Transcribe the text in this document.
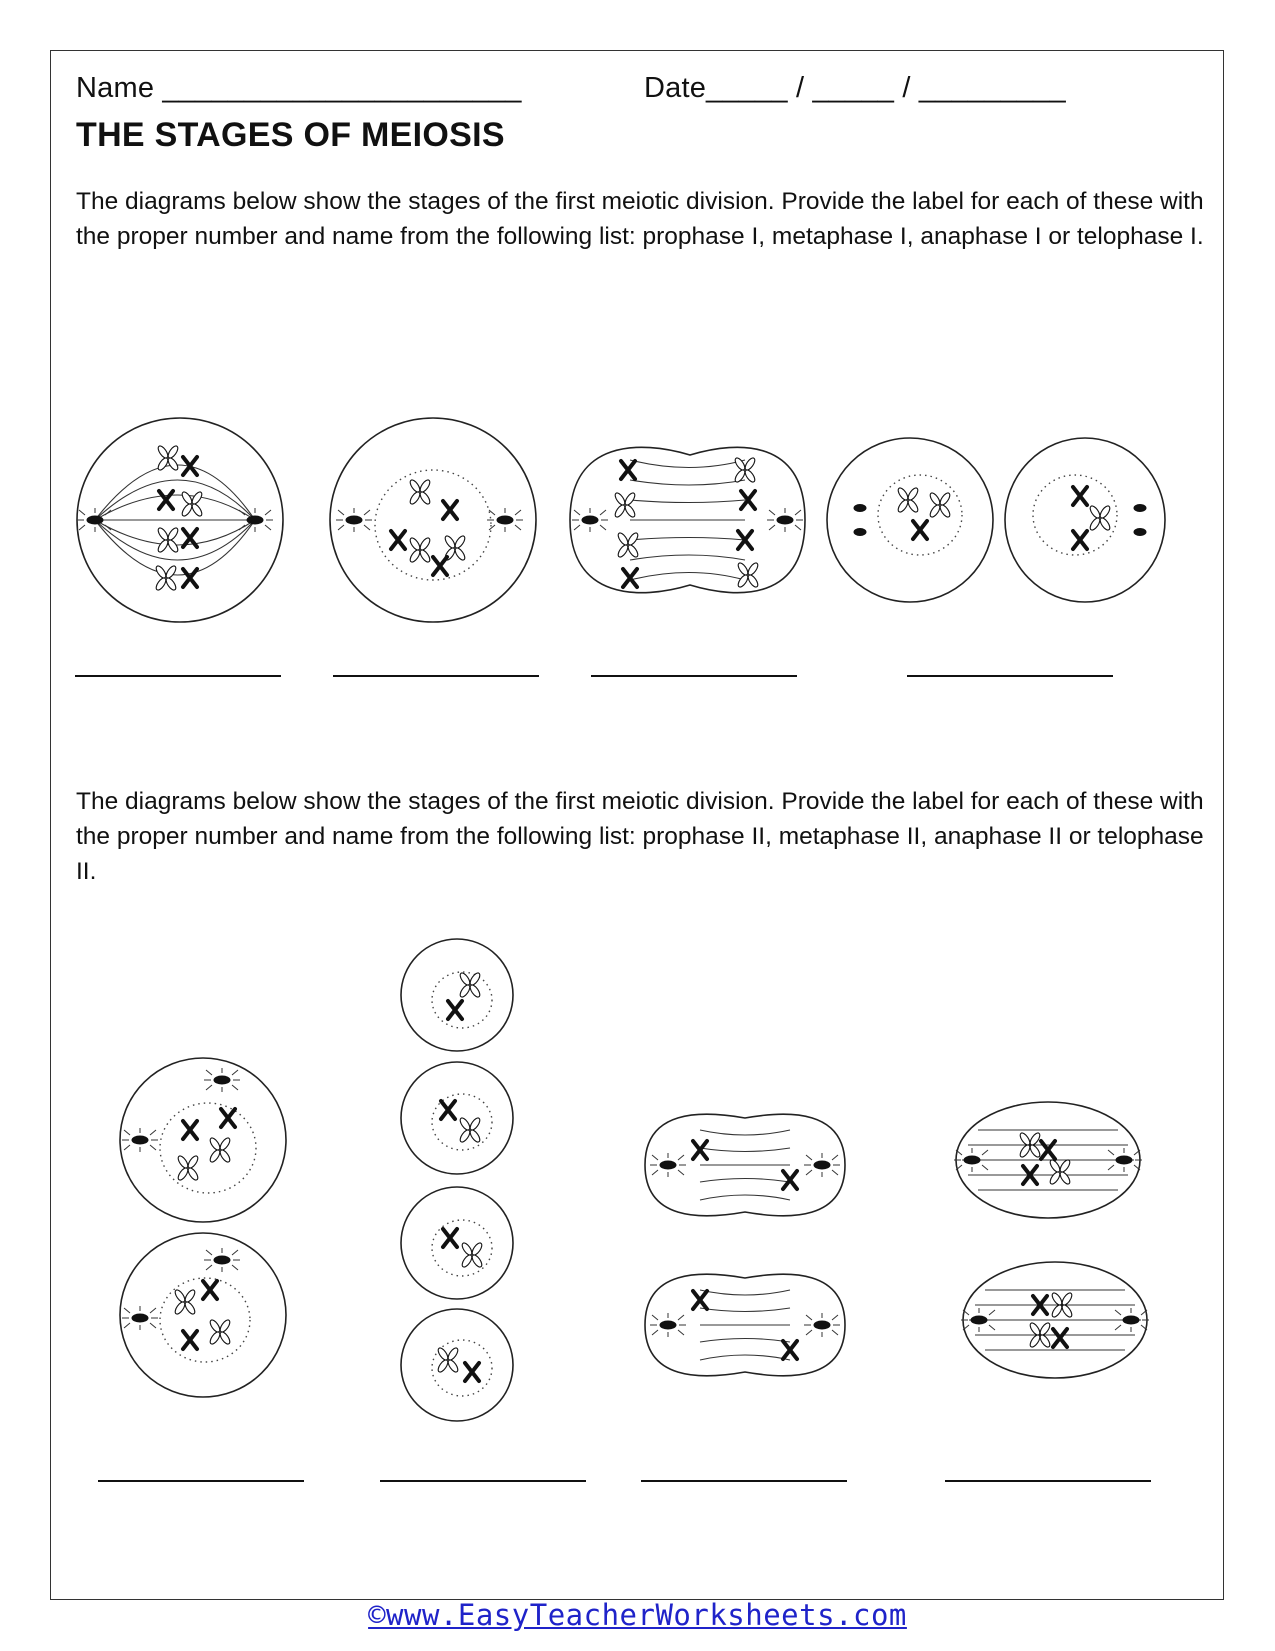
Name ______________________	Date_____ / _____ / _________
THE STAGES OF MEIOSIS
The diagrams below show the stages of the first meiotic division. Provide the label for each of these with the proper number and name from the following list: prophase I, metaphase I, anaphase I or telophase I.
The diagrams below show the stages of the first meiotic division. Provide the label for each of these with the proper number and name from the following list: prophase II, metaphase II, anaphase II or telophase II.
©www.EasyTeacherWorksheets.com
